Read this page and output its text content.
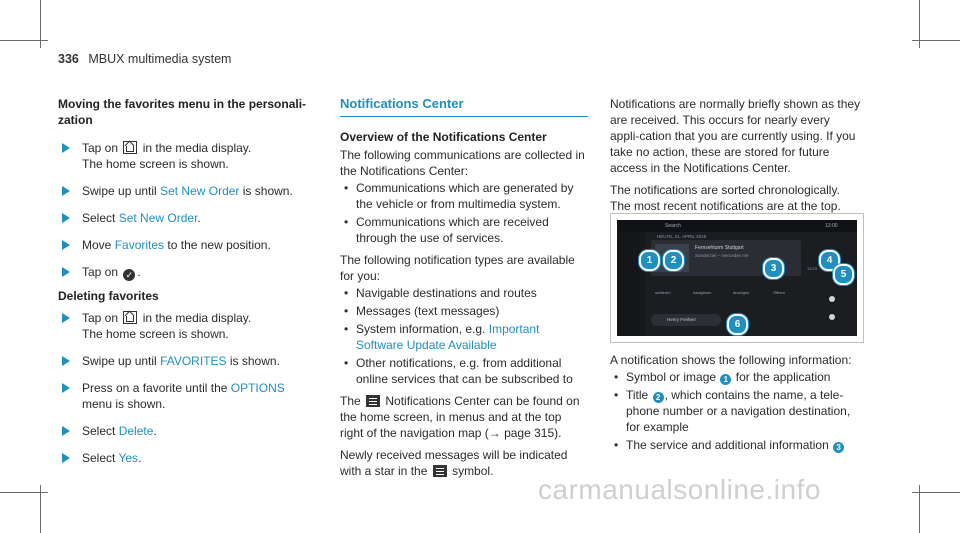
336 MBUX multimedia system
Moving the favorites menu in the personali-zation
Tap on in the media display.
The home screen is shown.
Swipe up until Set New Order is shown.
Select Set New Order.
Move Favorites to the new position.
Tap on ✓ .
Deleting favorites
Tap on in the media display.
The home screen is shown.
Swipe up until FAVORITES is shown.
Press on a favorite until the OPTIONS menu is shown.
Select Delete.
Select Yes.
Notifications Center
Overview of the Notifications Center
The following communications are collected in the Notifications Center:
• Communications which are generated by the vehicle or from multimedia system.
• Communications which are received through the use of services.
The following notification types are available for you:
• Navigable destinations and routes
• Messages (text messages)
• System information, e.g. Important Software Update Available
• Other notifications, e.g. from additional online services that can be subscribed to
The Notifications Center can be found on the home screen, in menus and at the top right of the navigation map (→ page 315).
Newly received messages will be indicated with a star in the symbol.
Notifications are normally briefly shown as they are received. This occurs for nearly every appli-cation that you are currently using. If you take no action, these are stored for future access in the Notifications Center.
The notifications are sorted chronologically. The most recent notifications are at the top.
Search	13:00
HEUTE, 21. APRIL 2019
Fernsehturm Stuttgart
Sonderziel – mercedes me
sortieren	navigieren	anzeigen	Öffnen
13:23
Henry Freiherr
1	2
3
4
5
6
A notification shows the following information:
• Symbol or image 1 for the application
• Title 2 , which contains the name, a tele-phone number or a navigation destination, for example
• The service and additional information 3
carmanualsonline.info
